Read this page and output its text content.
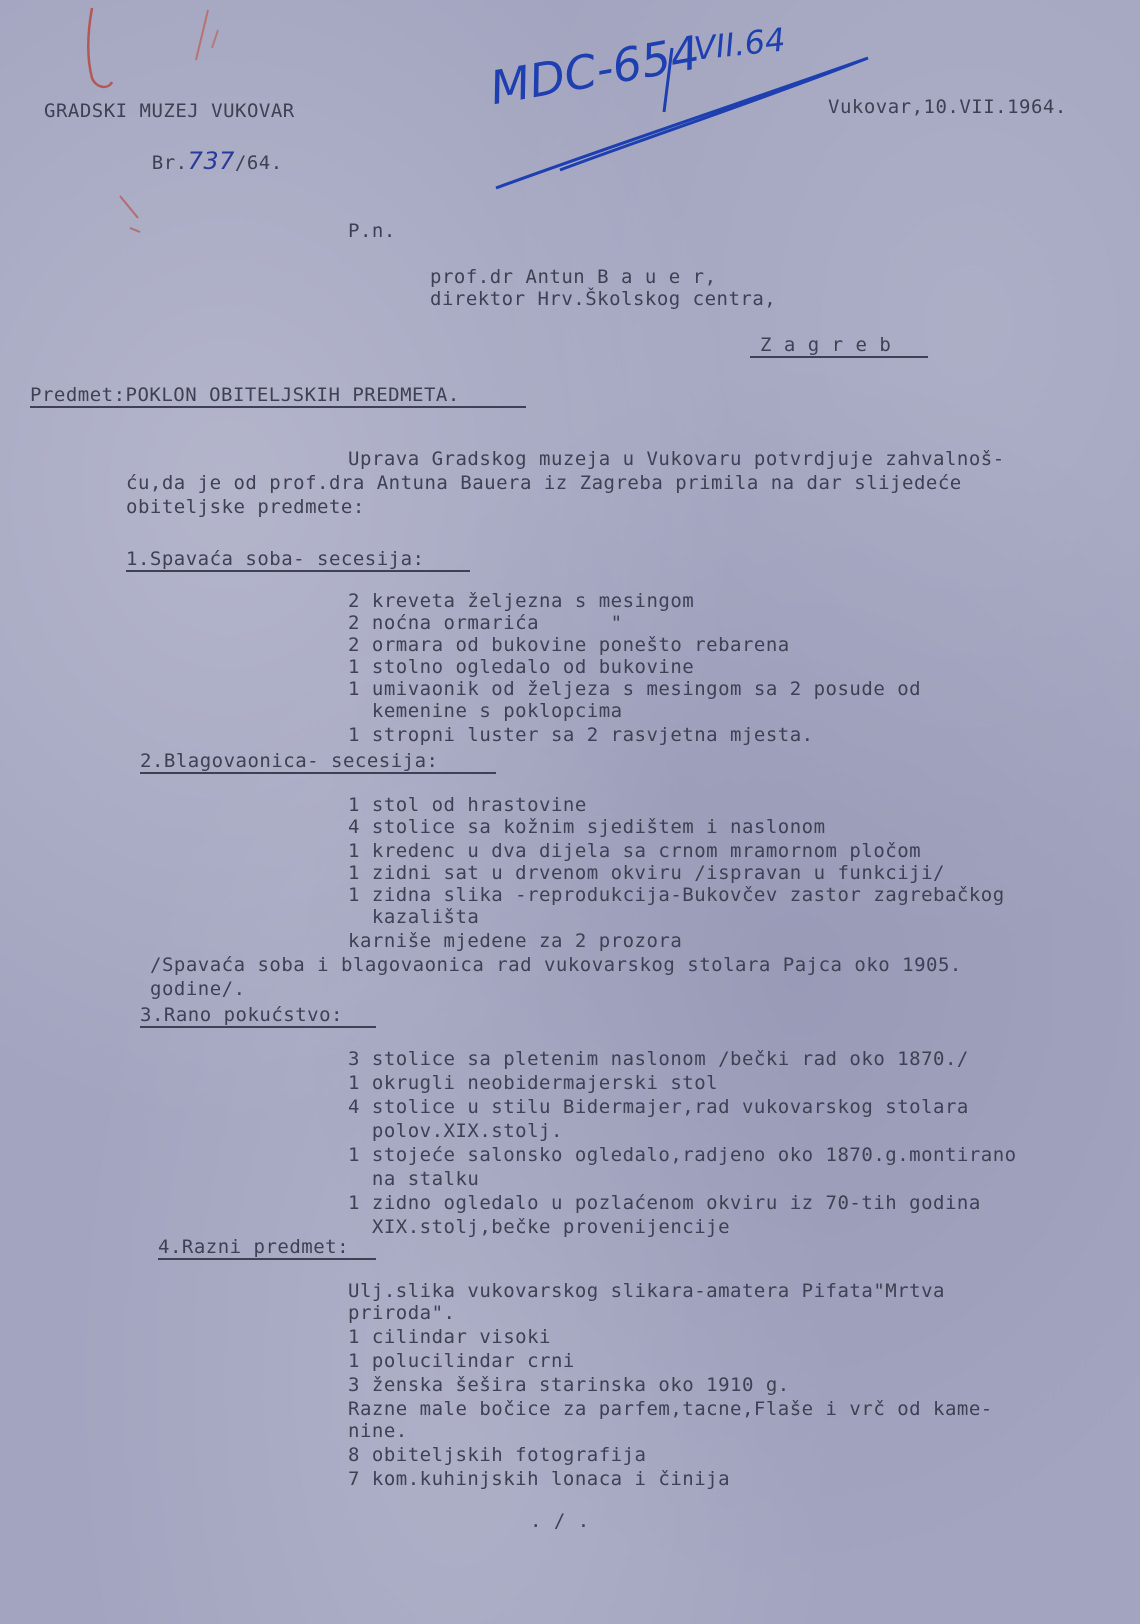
MDC-654
VII.64
GRADSKI MUZEJ VUKOVAR

Br.737/64.

Vukovar,10.VII.1964.
P.n.
prof.dr Antun B a u e r,
direktor Hrv.Školskog centra,
Z a g r e b
Predmet:POKLON OBITELJSKIH PREDMETA.
Uprava Gradskog muzeja u Vukovaru potvrdjuje zahvalnoš-
ću,da je od prof.dra Antuna Bauera iz Zagreba primila na dar slijedeće
obiteljske predmete:
1.Spavaća soba- secesija:
2 kreveta željezna s mesingom
2 noćna ormarića      "
2 ormara od bukovine ponešto rebarena
1 stolno ogledalo od bukovine
1 umivaonik od željeza s mesingom sa 2 posude od
kemenine s poklopcima
1 stropni luster sa 2 rasvjetna mjesta.
2.Blagovaonica- secesija:
1 stol od hrastovine
4 stolice sa kožnim sjedištem i naslonom
1 kredenc u dva dijela sa crnom mramornom pločom
1 zidni sat u drvenom okviru /ispravan u funkciji/
1 zidna slika -reprodukcija-Bukovčev zastor zagrebačkog
kazališta
karniše mjedene za 2 prozora
/Spavaća soba i blagovaonica rad vukovarskog stolara Pajca oko 1905.
godine/.
3.Rano pokućstvo:
3 stolice sa pletenim naslonom /bečki rad oko 1870./
1 okrugli neobidermajerski stol
4 stolice u stilu Bidermajer,rad vukovarskog stolara
polov.XIX.stolj.
1 stojeće salonsko ogledalo,radjeno oko 1870.g.montirano
na stalku
1 zidno ogledalo u pozlaćenom okviru iz 70-tih godina
XIX.stolj,bečke provenijencije
4.Razni predmet:
Ulj.slika vukovarskog slikara-amatera Pifata"Mrtva
priroda".
1 cilindar visoki
1 polucilindar crni
3 ženska šešira starinska oko 1910 g.
Razne male bočice za parfem,tacne,Flaše i vrč od kame-
nine.
8 obiteljskih fotografija
7 kom.kuhinjskih lonaca i činija
. / .
